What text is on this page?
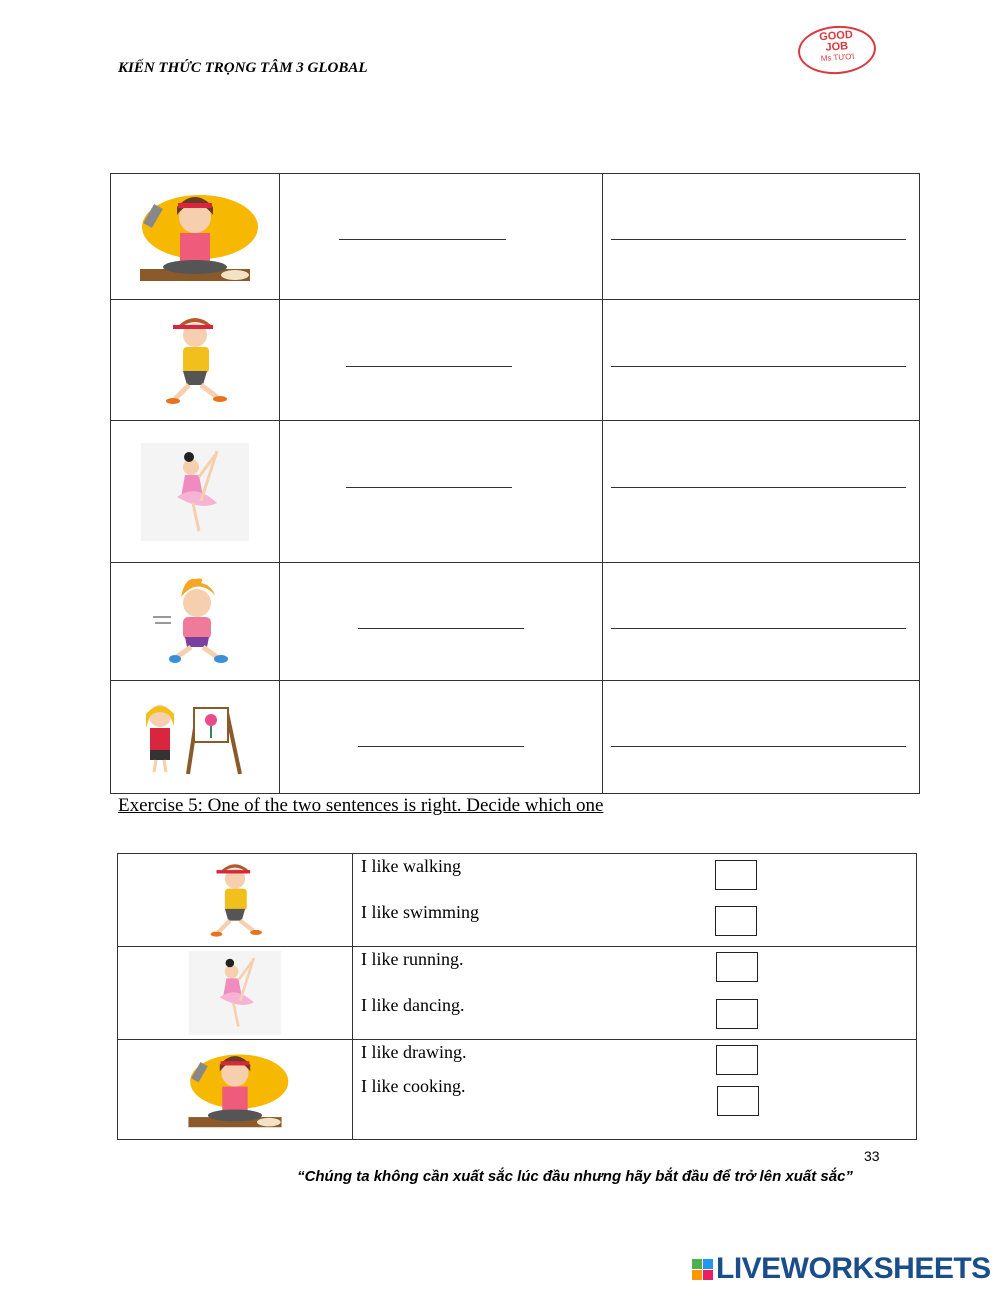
KIẾN THỨC TRỌNG TÂM 3 GLOBAL
GOOD
JOB
Ms TƯƠI

Exercise 5: One of the two sentences is right. Decide which one

I like walking
I like swimming

I like running.
I like dancing.

I like drawing.
I like cooking.
33
“Chúng ta không cần xuất sắc lúc đầu nhưng hãy bắt đầu để trở lên xuất sắc”
LIVEWORKSHEETS
